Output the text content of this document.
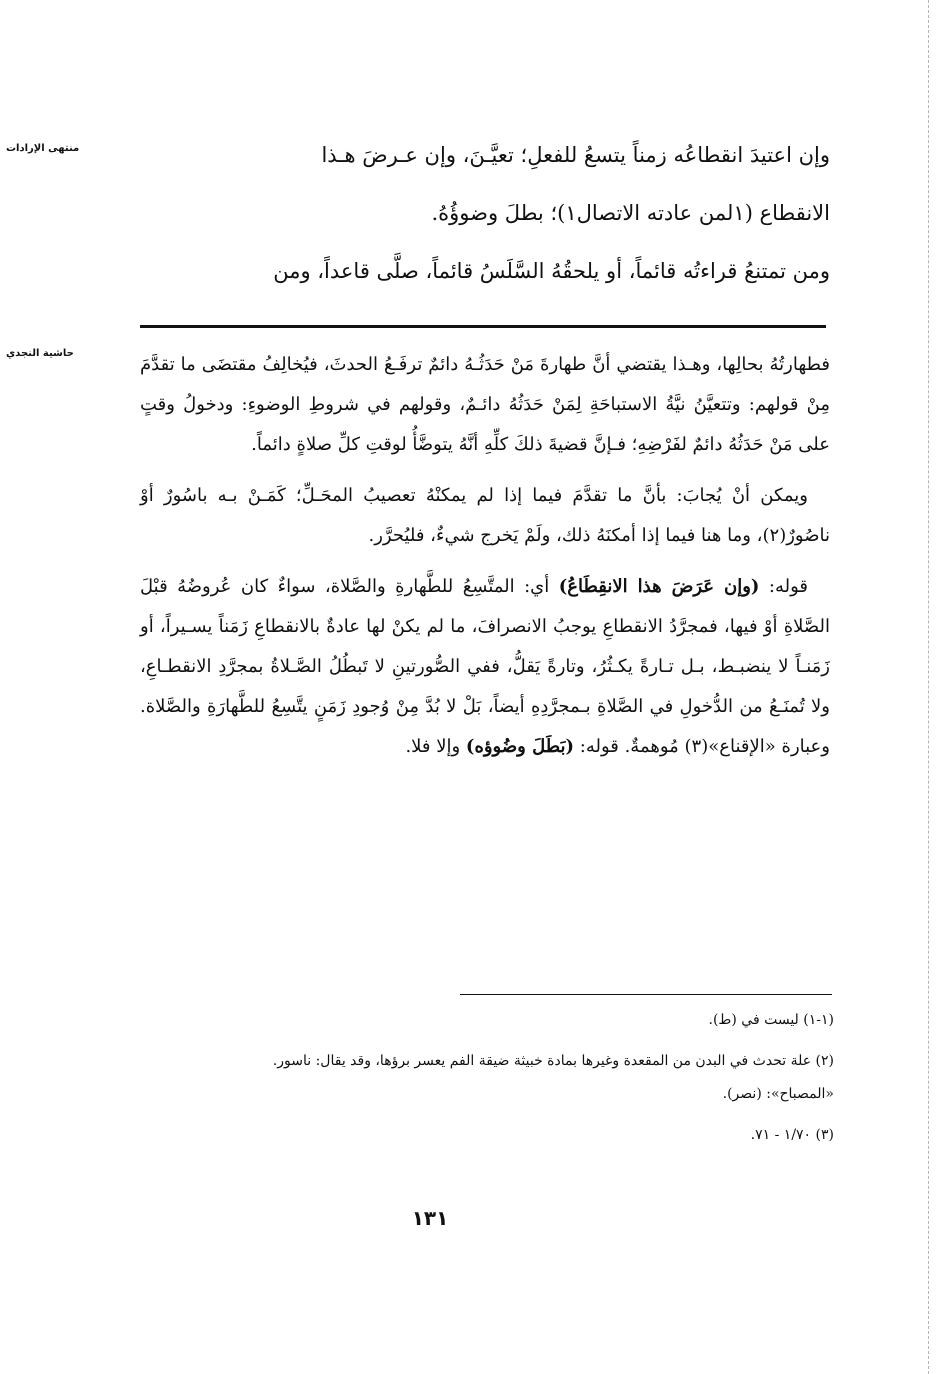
منتهى الإرادات	وإن اعتيدَ انقطاعُه زمناً يتسعُ للفعلِ؛ تعيَّـنَ، وإن عـرضَ هـذا
الانقطاع (١لمن عادته الاتصال١)؛ بطلَ وضوؤُهُ.
ومن تمتنعُ قراءتُه قائماً، أو يلحقُهُ السَّلَسُ قائماً، صلَّى قاعداً، ومن
حاشية النجدي

فطهارتُهُ بحالِها، وهـذا يقتضي أنَّ طهارةَ مَنْ حَدَثُـهُ دائمٌ ترفَـعُ الحدثَ، فيُخالِفُ مقتضَى ما تقدَّمَ مِنْ قولهم: وتتعيَّنُ نيَّةُ الاستباحَةِ لِمَنْ حَدَثُهُ دائـمٌ، وقولهم في شروطِ الوضوءِ: ودخولُ وقتٍ على مَنْ حَدَثُهُ دائمٌ لفَرْضِهِ؛ فـإنَّ قضيةَ ذلكَ كلِّهِ أنَّهُ يتوضَّأُ لوقتِ كلِّ صلاةٍ دائماً.

ويمكن أنْ يُجابَ: بأنَّ ما تقدَّمَ فيما إذا لم يمكنْهُ تعصيبُ المحَـلِّ؛ كَمَـنْ بـه باسُورٌ أوْ ناصُورٌ(٢)، وما هنا فيما إذا أمكنَهُ ذلك، ولَمْ يَخرج شيءٌ، فليُحرَّر.

قوله: (وإن عَرَضَ هذا الانقِطَاعُ) أي: المتَّسِعُ للطَّهارةِ والصَّلاة، سواءٌ كان عُروضُهُ قبْلَ الصَّلاةِ أوْ فيها، فمجرَّدُ الانقطاعِ يوجبُ الانصرافَ، ما لم يكنْ لها عادةٌ بالانقطاعِ زَمَناً يسـيراً، أو زَمَنـاً لا ينضبـط، بـل تـارةً يكـثُرُ، وتارةً يَقلُّ، ففي الصُّورتينِ لا تَبطُلُ الصَّـلاةُ بمجرَّدِ الانقطـاعِ، ولا تُمنَـعُ من الدُّخولِ في الصَّلاةِ بـمجرَّدِهِ أيضاً، بَلْ لا بُدَّ مِنْ وُجودِ زَمَنٍ يتَّسِعُ للطَّهارَةِ والصَّلاة. وعبارة «الإقناع»(٣) مُوهمةٌ. قوله: (بَطَلَ وضُوؤه) وإلا فلا.

(١-١) ليست في (ط).

(٢) علة تحدث في البدن من المقعدة وغيرها بمادة خبيثة ضيقة الفم يعسر برؤها، وقد يقال: ناسور.

«المصباح»: (نصر).

(٣) ١/٧٠ - ٧١.

١٣١
